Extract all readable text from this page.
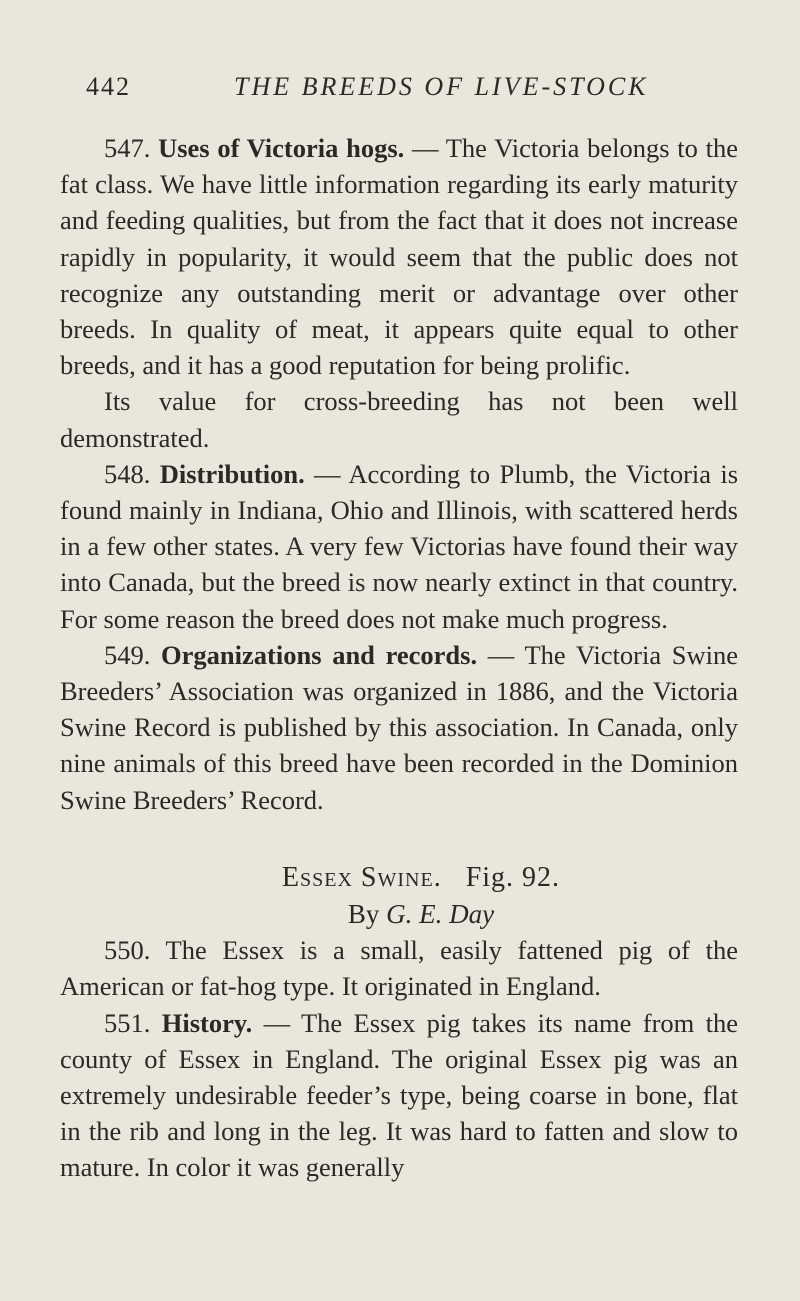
442	THE BREEDS OF LIVE-STOCK

547. Uses of Victoria hogs. — The Victoria belongs to the fat class. We have little information regarding its early maturity and feeding qualities, but from the fact that it does not increase rapidly in popularity, it would seem that the public does not recognize any outstanding merit or advantage over other breeds. In quality of meat, it appears quite equal to other breeds, and it has a good reputation for being prolific.

Its value for cross-breeding has not been well demonstrated.

548. Distribution. — According to Plumb, the Victoria is found mainly in Indiana, Ohio and Illinois, with scattered herds in a few other states. A very few Victorias have found their way into Canada, but the breed is now nearly extinct in that country. For some reason the breed does not make much progress.

549. Organizations and records. — The Victoria Swine Breeders’ Association was organized in 1886, and the Victoria Swine Record is published by this association. In Canada, only nine animals of this breed have been recorded in the Dominion Swine Breeders’ Record.

Essex Swine. Fig. 92.

By G. E. Day

550. The Essex is a small, easily fattened pig of the American or fat-hog type. It originated in England.

551. History. — The Essex pig takes its name from the county of Essex in England. The original Essex pig was an extremely undesirable feeder’s type, being coarse in bone, flat in the rib and long in the leg. It was hard to fatten and slow to mature. In color it was generally
